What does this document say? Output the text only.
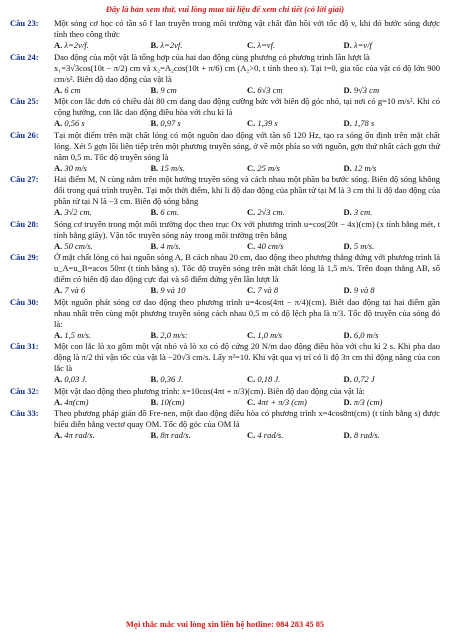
Đây là bản xem thử, vui lòng mua tài liệu để xem chi tiết (có lời giải)
Câu 23:	Một sóng cơ học có tần số f lan truyền trong môi trường vật chất đàn hồi với tốc độ v, khi đó bước sóng được tính theo công thức
A. λ=2v/f.	B. λ=2vf.	C. λ=vf.	D. λ=v/f
Câu 24:	Dao động của một vật là tổng hợp của hai dao động cùng phương có phương trình lần lượt là
x₁=3√3cos(10t − π/2) cm và x₂=A₂cos(10t + π/6) cm (A₂>0, t tính theo s). Tại t=0, gia tốc của vật có độ lớn 900 cm/s². Biên độ dao động của vật là
A. 6 cm	B. 9 cm	C. 6√3 cm	D. 9√3 cm
Câu 25:	Một con lắc đơn có chiều dài 80 cm dang dao động cưỡng bức với biên độ góc nhỏ, tại nơi có g=10 m/s². Khi có cộng hưởng, con lắc dao động điều hòa với chu kì là
A. 0,56 s	B. 0,97 s	C. 1,39 s	D. 1,78 s
Câu 26:	Tại một điểm trên mặt chất lỏng có một nguồn dao động với tần số 120 Hz, tạo ra sóng ổn định trên mặt chất lỏng. Xét 5 gợn lồi liên tiếp trên một phương truyền sóng, ở về một phía so với nguồn, gợn thứ nhất cách gợn thứ năm 0,5 m. Tốc độ truyền sóng là
A. 30 m/s	B. 15 m/s.	C. 25 m/s	D. 12 m/s
Câu 27:	Hai điểm M, N cùng nằm trên một hướng truyền sóng và cách nhau một phần ba bước sóng. Biên độ sóng không đổi trong quá trình truyền. Tại một thời điểm, khi li độ dao động của phần tử tại M là 3 cm thì li độ dao động của phần tử tại N là −3 cm. Biên độ sóng bằng
A. 3√2 cm.	B. 6 cm.	C. 2√3 cm.	D. 3 cm.
Câu 28:	Sóng cơ truyền trong một môi trường dọc theo trục Ox với phương trình u=cos(20t − 4x)(cm) (x tính bằng mét, t tính bằng giây). Vận tốc truyền sóng này trong môi trường trên bằng
A. 50 cm/s.	B. 4 m/s.	C. 40 cm/s	D. 5 m/s.
Câu 29:	Ở mặt chất lỏng có hai nguồn sóng A, B cách nhau 20 cm, dao động theo phương thẳng đứng với phương trình là u_A=u_B=acos 50πt (t tính bằng s). Tốc độ truyền sóng trên mặt chất lỏng là 1,5 m/s. Trên đoạn thẳng AB, số điểm có biên độ dao động cực đại và số điểm đứng yên lần lượt là
A. 7 và 6	B. 9 và 10	C. 7 và 8	D. 9 và 8
Câu 30:	Một nguồn phát sóng cơ dao động theo phương trình u=4cos(4πt − π/4)(cm). Biết dao động tại hai điểm gần nhau nhất trên cùng một phương truyền sóng cách nhau 0,5 m có độ lệch pha là π/3. Tốc độ truyền của sóng đó là:
A. 1,5 m/s.	B. 2,0 m/s:	C. 1,0 m/s	D. 6,0 m/s
Câu 31:	Một con lắc lò xo gồm một vật nhỏ và lò xo có độ cứng 20 N/m dao động điều hòa với chu kì 2 s. Khi pha dao động là π/2 thì vận tốc của vật là −20√3 cm/s. Lấy π²=10. Khi vật qua vị trí có li độ 3π cm thì động năng của con lắc là
A. 0,03 J.	B. 0,36 J.	C. 0,18 J.	D. 0,72 J
Câu 32:	Một vật dao động theo phương trình: x=10cos(4πt + π/3)(cm). Biên độ dao động của vật là:
A. 4π(cm)	B. 10(cm)	C. 4πt + π/3 (cm)	D. π/3 (cm)
Câu 33:	Theo phương pháp giản đồ Fre-nen, một dao động điều hòa có phương trình x=4cos8πt(cm) (t tính bằng s) được biểu diễn bằng vectơ quay OM. Tốc độ góc của OM là
A. 4π rad/s.	B. 8π rad/s.	C. 4 rad/s.	D. 8 rad/s.
Mọi thắc mắc vui lòng xin liên hệ hotline: 084 283 45 85
